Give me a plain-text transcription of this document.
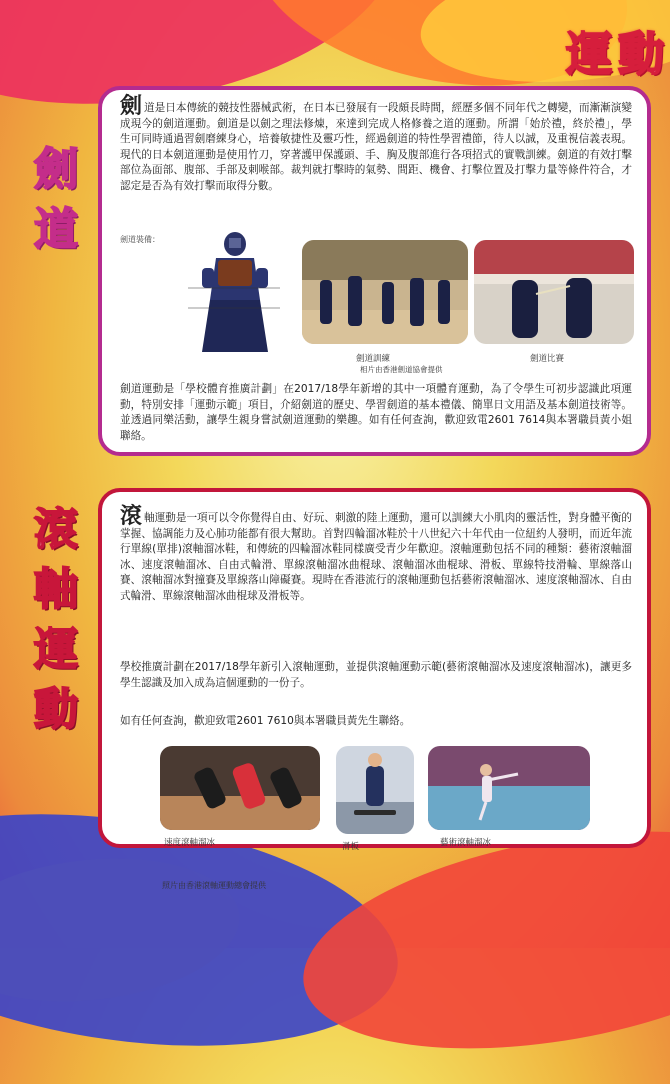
運動
劍道

劍道是日本傳統的競技性器械武術，在日本已發展有一段頗長時間，經歷多個不同年代之轉變，而漸漸演變成現今的劍道運動。劍道是以劍之理法修煉，來達到完成人格修養之道的運動。所謂「始於禮，終於禮」，學生可同時通過習劍磨練身心，培養敏捷性及靈巧性，經過劍道的特性學習禮節，待人以誠，及重視信義表現。現代的日本劍道運動是使用竹刀，穿著護甲保護頭、手、胸及腹部進行各項招式的實戰訓練。劍道的有效打擊部位為面部、腹部、手部及刺喉部。裁判就打擊時的氣勢、間距、機會、打擊位置及打擊力量等條件符合，才認定是否為有效打擊而取得分數。

劍道裝備：
劍道訓練	劍道比賽
相片由香港劍道協會提供

劍道運動是「學校體育推廣計劃」在2017/18學年新增的其中一項體育運動，為了令學生可初步認識此項運動，特別安排「運動示範」項目，介紹劍道的歷史、學習劍道的基本禮儀、簡單日文用語及基本劍道技術等。並透過同樂活動，讓學生親身嘗試劍道運動的樂趣。如有任何查詢，歡迎致電2601 7614與本署職員黃小姐聯絡。

滾
軸
運
動

滾軸運動是一項可以令你覺得自由、好玩、刺激的陸上運動，還可以訓練大小肌肉的靈活性，對身體平衡的掌握、協調能力及心肺功能都有很大幫助。首對四輪溜冰鞋於十八世紀六十年代由一位紐約人發明，而近年流行單線(單排)滾軸溜冰鞋，和傳統的四輪溜冰鞋同樣廣受青少年歡迎。滾軸運動包括不同的種類：藝術滾軸溜冰、速度滾軸溜冰、自由式輪滑、單線滾軸溜冰曲棍球、滾軸溜冰曲棍球、滑板、單線特技滑輪、單線落山賽、滾軸溜冰對撞賽及單線落山障礙賽。現時在香港流行的滾軸運動包括藝術滾軸溜冰、速度滾軸溜冰、自由式輪滑、單線滾軸溜冰曲棍球及滑板等。

學校推廣計劃在2017/18學年新引入滾軸運動，並提供滾軸運動示範(藝術滾軸溜冰及速度滾軸溜冰)，讓更多學生認識及加入成為這個運動的一份子。

如有任何查詢，歡迎致電2601 7610與本署職員黃先生聯絡。

速度滾軸溜冰	滑板	藝術滾軸溜冰
照片由香港滾軸運動總會提供
